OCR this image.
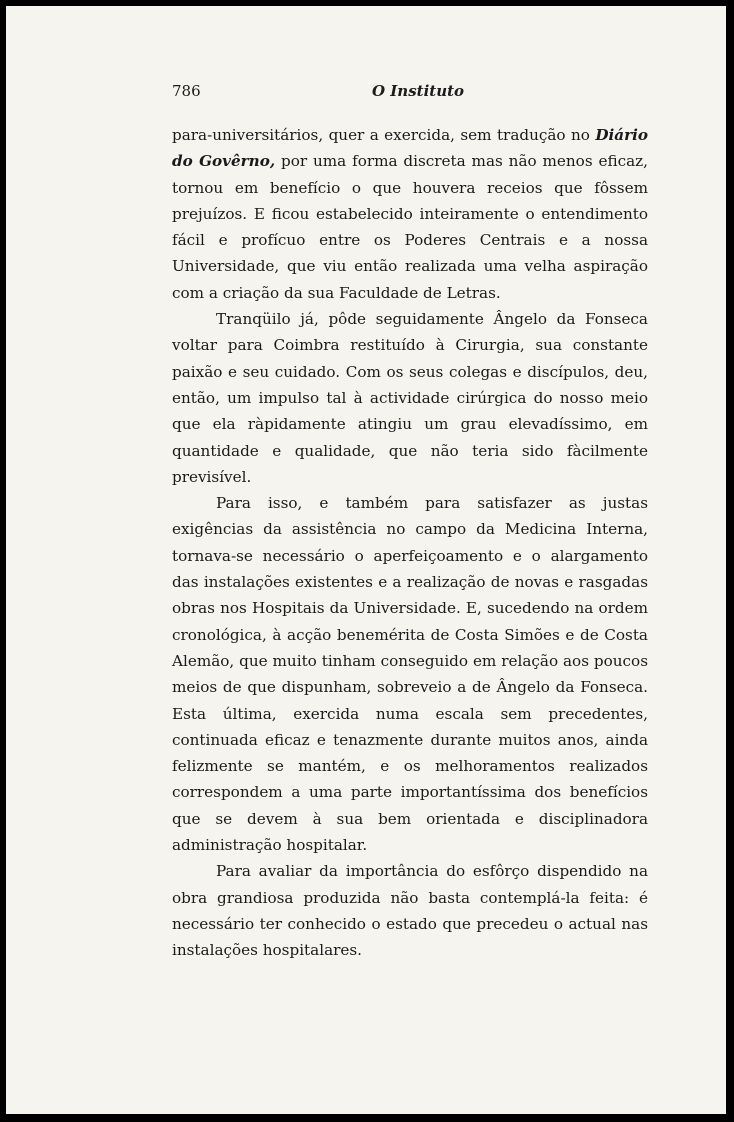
786	O Instituto

para-universitários, quer a exercida, sem tradução no Diário do Govêrno, por uma forma discreta mas não menos eficaz, tornou em benefício o que houvera receios que fôssem prejuízos. E ficou estabelecido inteiramente o entendimento fácil e profícuo entre os Poderes Centrais e a nossa Universidade, que viu então realizada uma velha aspiração com a criação da sua Faculdade de Letras.

Tranqüilo já, pôde seguidamente Ângelo da Fonseca voltar para Coimbra restituído à Cirurgia, sua constante paixão e seu cuidado. Com os seus colegas e discípulos, deu, então, um impulso tal à actividade cirúrgica do nosso meio que ela ràpidamente atingiu um grau elevadíssimo, em quantidade e qualidade, que não teria sido fàcilmente previsível.

Para isso, e também para satisfazer as justas exigências da assistência no campo da Medicina Interna, tornava-se necessário o aperfeiçoamento e o alargamento das instalações existentes e a realização de novas e rasgadas obras nos Hospitais da Universidade. E, sucedendo na ordem cronológica, à acção benemérita de Costa Simões e de Costa Alemão, que muito tinham conseguido em relação aos poucos meios de que dispunham, sobreveio a de Ângelo da Fonseca. Esta última, exercida numa escala sem precedentes, continuada eficaz e tenazmente durante muitos anos, ainda felizmente se mantém, e os melhoramentos realizados correspondem a uma parte importantíssima dos benefícios que se devem à sua bem orientada e disciplinadora administração hospitalar.

Para avaliar da importância do esfôrço dispendido na obra grandiosa produzida não basta contemplá-la feita: é necessário ter conhecido o estado que precedeu o actual nas instalações hospitalares.
